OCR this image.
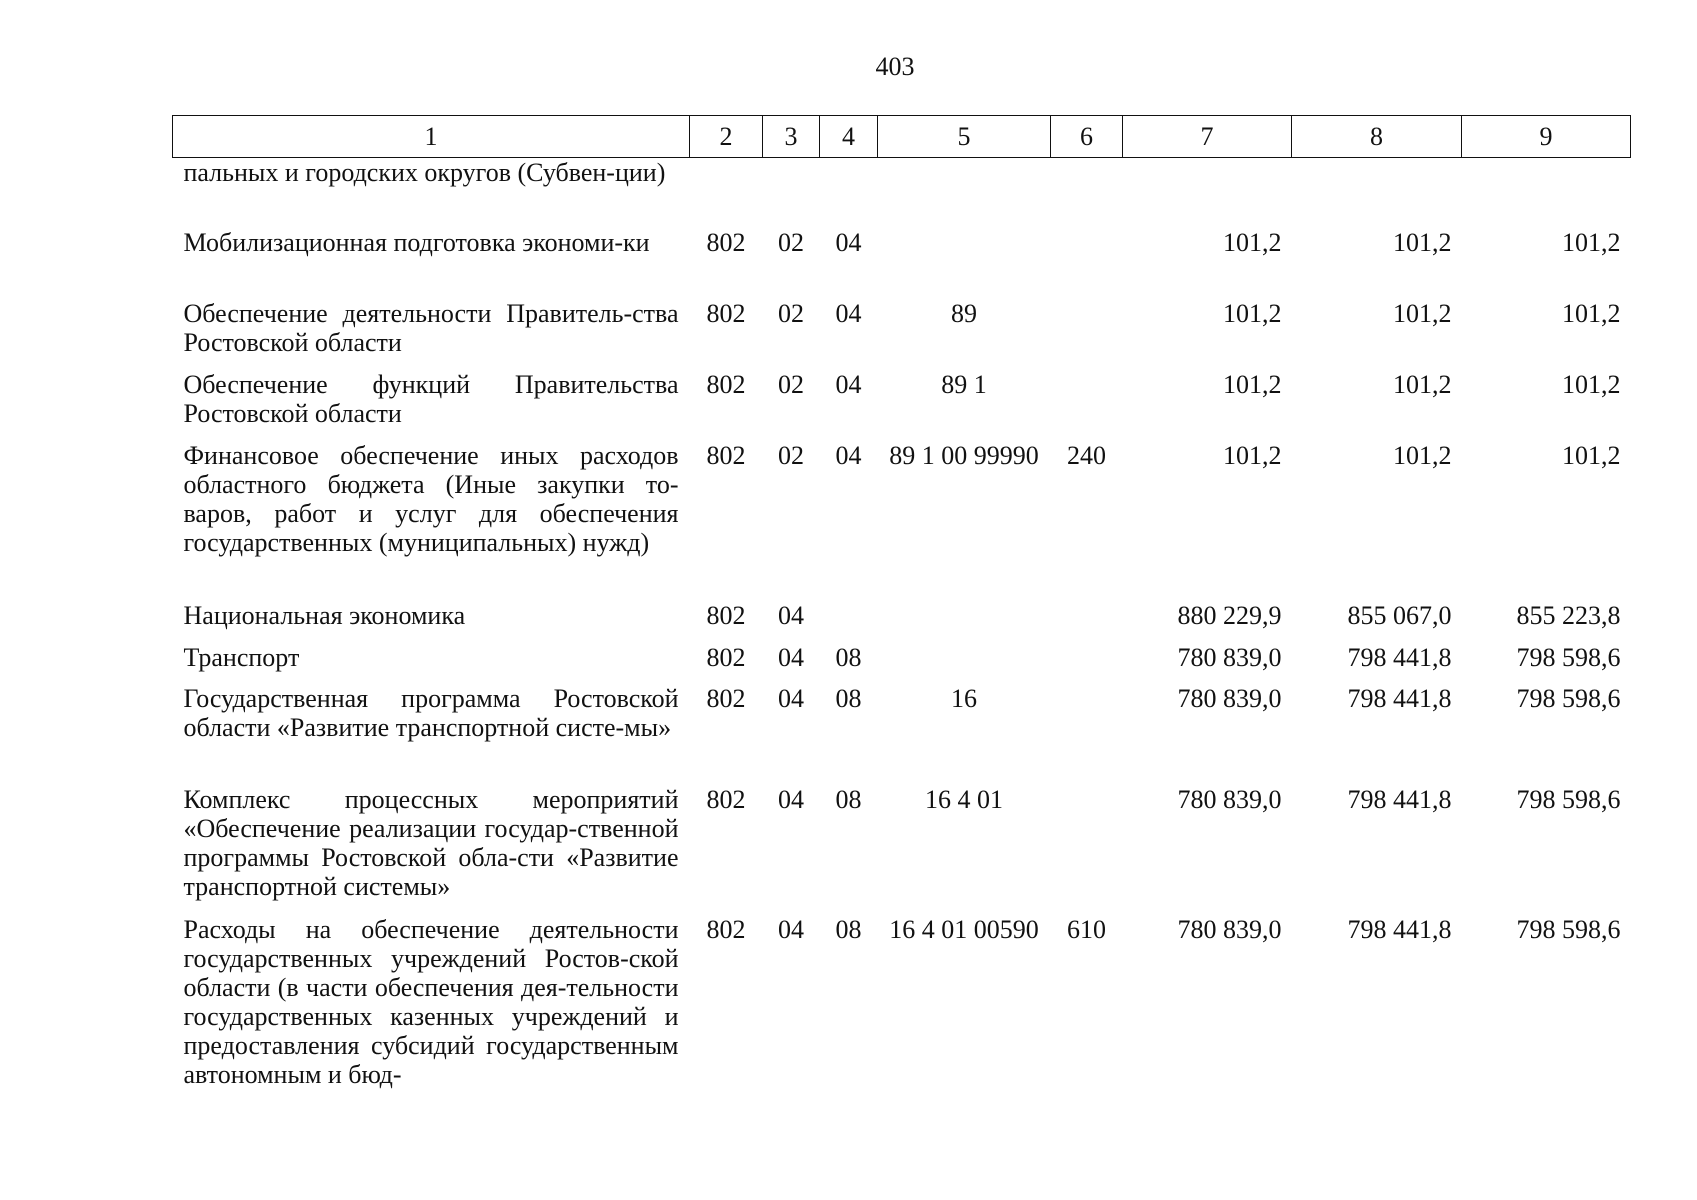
403
1	2	3	4	5	6	7	8	9
пальных и городских округов (Субвен-ции)								
Мобилизационная подготовка экономи-ки	802	02	04			101,2	101,2	101,2
Обеспечение деятельности Правитель-ства Ростовской области	802	02	04	89		101,2	101,2	101,2
Обеспечение функций Правительства Ростовской области	802	02	04	89 1		101,2	101,2	101,2
Финансовое обеспечение иных расходов областного бюджета (Иные закупки то-варов, работ и услуг для обеспечения государственных (муниципальных) нужд)	802	02	04	89 1 00 99990	240	101,2	101,2	101,2
Национальная экономика	802	04				880 229,9	855 067,0	855 223,8
Транспорт	802	04	08			780 839,0	798 441,8	798 598,6
Государственная программа Ростовской области «Развитие транспортной систе-мы»	802	04	08	16		780 839,0	798 441,8	798 598,6
Комплекс процессных мероприятий «Обеспечение реализации государ-ственной программы Ростовской обла-сти «Развитие транспортной системы»	802	04	08	16 4 01		780 839,0	798 441,8	798 598,6
Расходы на обеспечение деятельности государственных учреждений Ростов-ской области (в части обеспечения дея-тельности государственных казенных учреждений и предоставления субсидий государственным автономным и бюд-	802	04	08	16 4 01 00590	610	780 839,0	798 441,8	798 598,6
